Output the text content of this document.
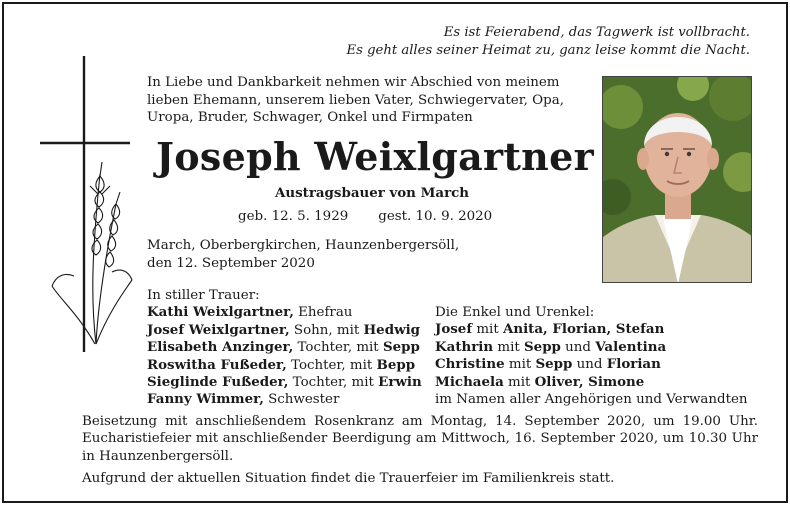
Es ist Feierabend, das Tagwerk ist vollbracht.
Es geht alles seiner Heimat zu, ganz leise kommt die Nacht.
In Liebe und Dankbarkeit nehmen wir Abschied von meinem
lieben Ehemann, unserem lieben Vater, Schwiegervater, Opa,
Uropa, Bruder, Schwager, Onkel und Firmpaten
Joseph Weixlgartner
Austragsbauer von March
geb. 12. 5. 1929 gest. 10. 9. 2020
March, Oberbergkirchen, Haunzenbergersöll,
den 12. September 2020
In stiller Trauer:
Kathi Weixlgartner, Ehefrau
Josef Weixlgartner, Sohn, mit Hedwig
Elisabeth Anzinger, Tochter, mit Sepp
Roswitha Fußeder, Tochter, mit Bepp
Sieglinde Fußeder, Tochter, mit Erwin
Fanny Wimmer, Schwester
Die Enkel und Urenkel:
Josef mit Anita, Florian, Stefan
Kathrin mit Sepp und Valentina
Christine mit Sepp und Florian
Michaela mit Oliver, Simone
im Namen aller Angehörigen und Verwandten

Beisetzung mit anschließendem Rosenkranz am Montag, 14. September 2020, um 19.00 Uhr. Eucharistiefeier mit anschließender Beerdigung am Mittwoch, 16. September 2020, um 10.30 Uhr in Haunzenbergersöll.

Aufgrund der aktuellen Situation findet die Trauerfeier im Familienkreis statt.
